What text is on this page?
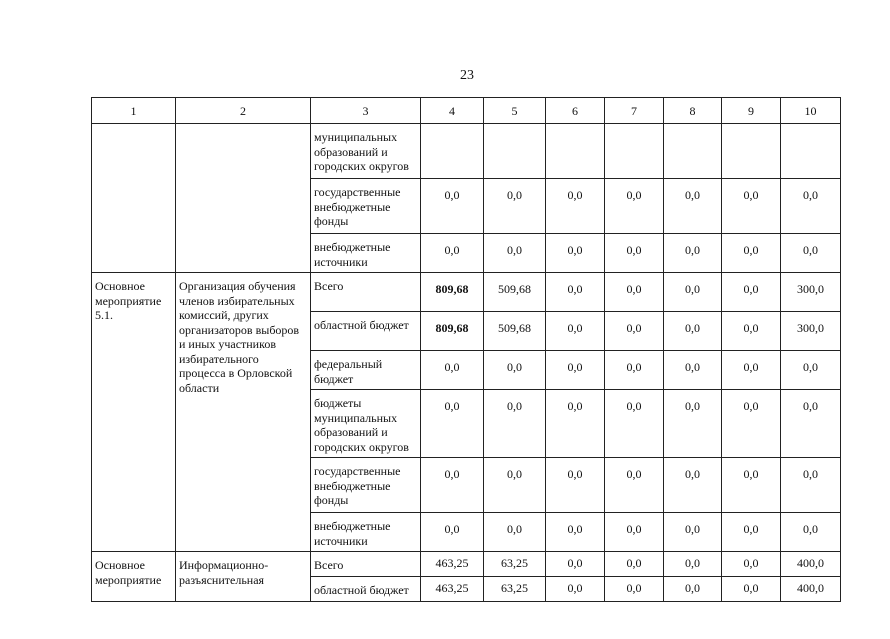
23
1	2	3	4	5	6	7	8	9	10
		муниципальных образований и городских округов							
		государственные внебюджетные фонды	0,0	0,0	0,0	0,0	0,0	0,0	0,0
		внебюджетные источники	0,0	0,0	0,0	0,0	0,0	0,0	0,0
Основное мероприятие 5.1.	Организация обучения членов избирательных комиссий, других организаторов выборов и иных участников избирательного процесса в Орловской области	Всего	809,68	509,68	0,0	0,0	0,0	0,0	300,0
		областной бюджет	809,68	509,68	0,0	0,0	0,0	0,0	300,0
		федеральный бюджет	0,0	0,0	0,0	0,0	0,0	0,0	0,0
		бюджеты муниципальных образований и городских округов	0,0	0,0	0,0	0,0	0,0	0,0	0,0
		государственные внебюджетные фонды	0,0	0,0	0,0	0,0	0,0	0,0	0,0
		внебюджетные источники	0,0	0,0	0,0	0,0	0,0	0,0	0,0
Основное мероприятие	Информационно-разъяснительная	Всего	463,25	63,25	0,0	0,0	0,0	0,0	400,0
		областной бюджет	463,25	63,25	0,0	0,0	0,0	0,0	400,0
